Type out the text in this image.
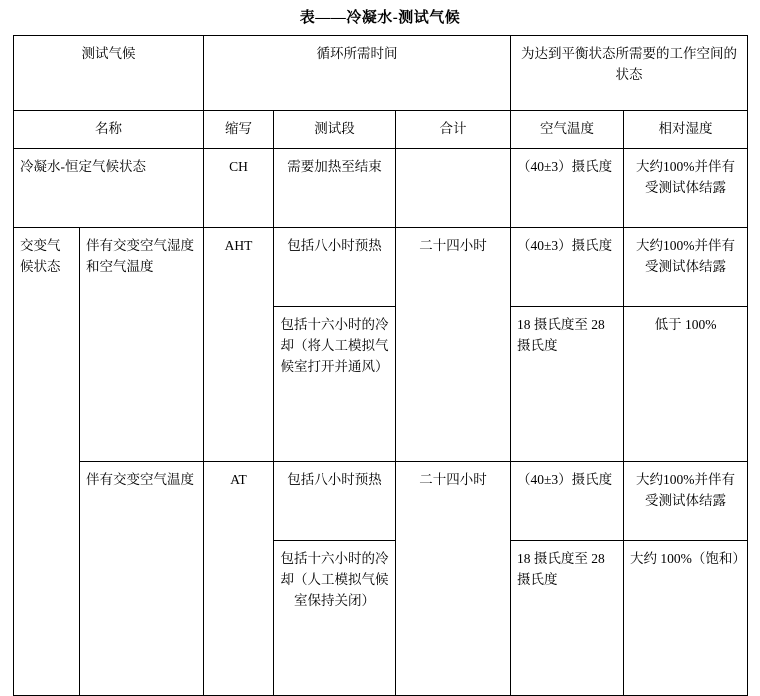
表——冷凝水-测试气候
测试气候		循环所需时间			为达到平衡状态所需要的工作空间的状态	
名称		缩写	测试段	合计	空气温度	相对湿度
冷凝水-恒定气候状态		CH	需要加热至结束		（40±3）摄氏度	大约100%并伴有受测试体结露
交变气候状态	伴有交变空气湿度和空气温度	AHT	包括八小时预热	二十四小时	（40±3）摄氏度	大约100%并伴有受测试体结露
			包括十六小时的冷却（将人工模拟气候室打开并通风）		18 摄氏度至 28 摄氏度	低于 100%
	伴有交变空气温度	AT	包括八小时预热	二十四小时	（40±3）摄氏度	大约100%并伴有受测试体结露
			包括十六小时的冷却（人工模拟气候室保持关闭）		18 摄氏度至 28 摄氏度	大约 100%（饱和）
